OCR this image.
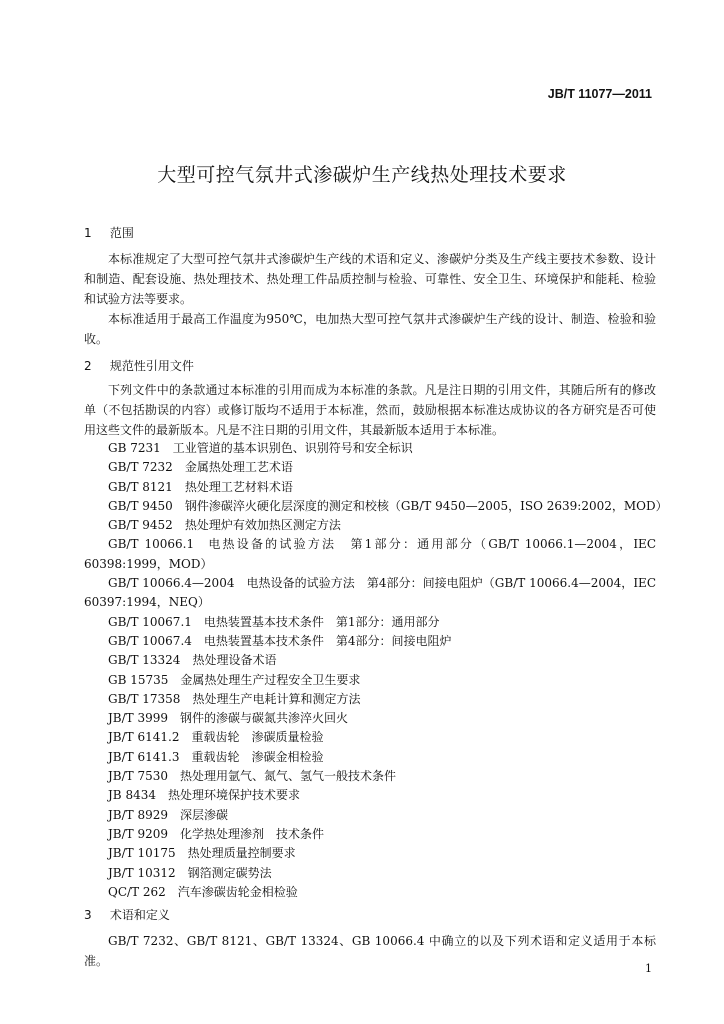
JB/T 11077—2011
大型可控气氛井式渗碳炉生产线热处理技术要求
1 范围
本标准规定了大型可控气氛井式渗碳炉生产线的术语和定义、渗碳炉分类及生产线主要技术参数、设计和制造、配套设施、热处理技术、热处理工件品质控制与检验、可靠性、安全卫生、环境保护和能耗、检验和试验方法等要求。
本标准适用于最高工作温度为950℃，电加热大型可控气氛井式渗碳炉生产线的设计、制造、检验和验收。
2 规范性引用文件
下列文件中的条款通过本标准的引用而成为本标准的条款。凡是注日期的引用文件，其随后所有的修改单（不包括勘误的内容）或修订版均不适用于本标准，然而，鼓励根据本标准达成协议的各方研究是否可使用这些文件的最新版本。凡是不注日期的引用文件，其最新版本适用于本标准。
GB 7231 工业管道的基本识别色、识别符号和安全标识
GB/T 7232 金属热处理工艺术语
GB/T 8121 热处理工艺材料术语
GB/T 9450 钢件渗碳淬火硬化层深度的测定和校核（GB/T 9450—2005，ISO 2639:2002，MOD）
GB/T 9452 热处理炉有效加热区测定方法
GB/T 10066.1 电热设备的试验方法　第1部分：通用部分（GB/T 10066.1—2004，IEC 60398:1999，MOD）
GB/T 10066.4—2004 电热设备的试验方法　第4部分：间接电阻炉（GB/T 10066.4—2004，IEC 60397:1994，NEQ）
GB/T 10067.1 电热装置基本技术条件　第1部分：通用部分
GB/T 10067.4 电热装置基本技术条件　第4部分：间接电阻炉
GB/T 13324 热处理设备术语
GB 15735 金属热处理生产过程安全卫生要求
GB/T 17358 热处理生产电耗计算和测定方法
JB/T 3999 钢件的渗碳与碳氮共渗淬火回火
JB/T 6141.2 重载齿轮　渗碳质量检验
JB/T 6141.3 重载齿轮　渗碳金相检验
JB/T 7530 热处理用氩气、氮气、氢气一般技术条件
JB 8434 热处理环境保护技术要求
JB/T 8929 深层渗碳
JB/T 9209 化学热处理渗剂　技术条件
JB/T 10175 热处理质量控制要求
JB/T 10312 钢箔测定碳势法
QC/T 262 汽车渗碳齿轮金相检验
3 术语和定义
GB/T 7232、GB/T 8121、GB/T 13324、GB 10066.4 中确立的以及下列术语和定义适用于本标准。
1
